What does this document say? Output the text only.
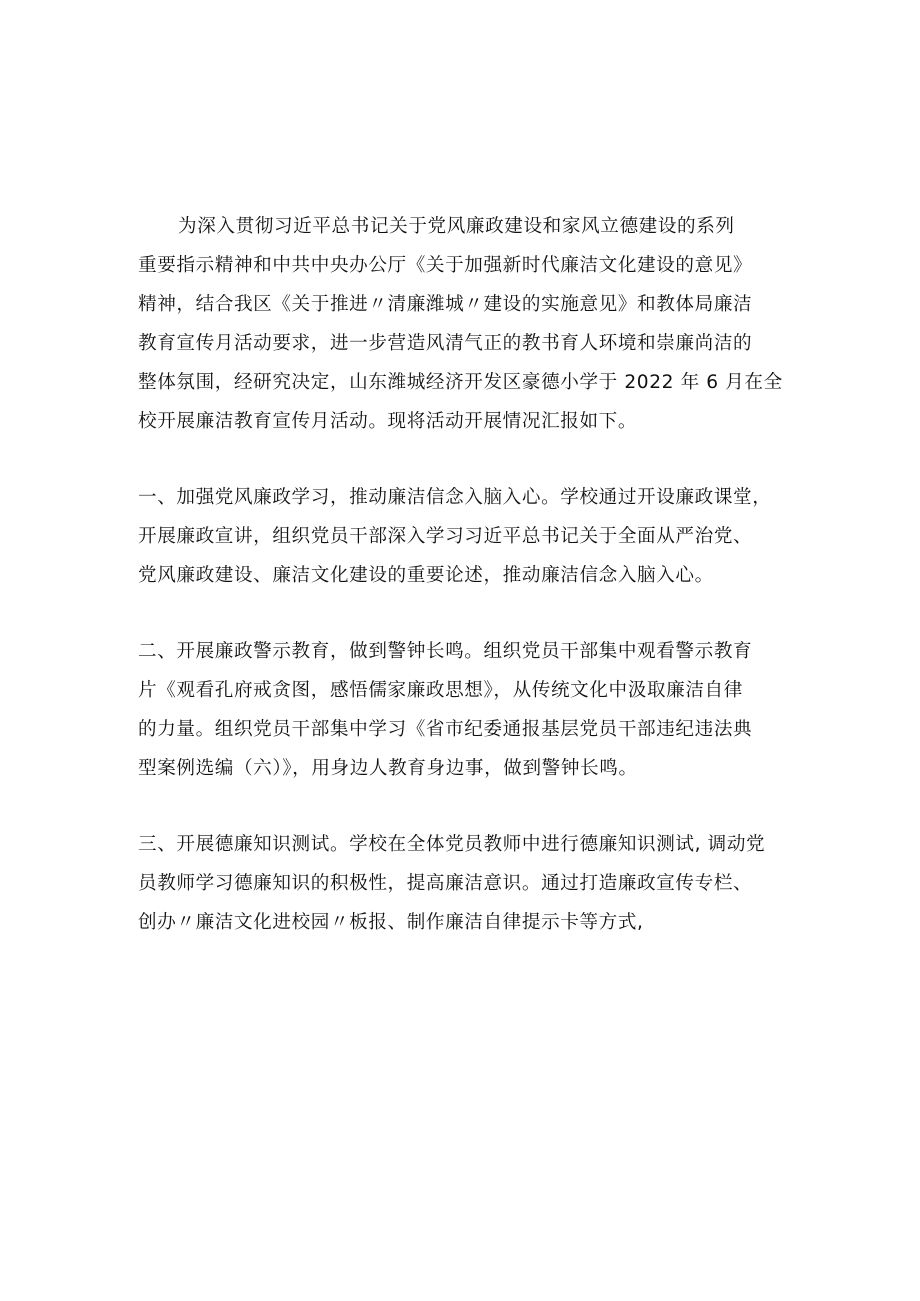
为深入贯彻习近平总书记关于党风廉政建设和家风立德建设的系列
重要指示精神和中共中央办公厅《关于加强新时代廉洁文化建设的意见》
精神，结合我区《关于推进〃清廉潍城〃建设的实施意见》和教体局廉洁
教育宣传月活动要求，进一步营造风清气正的教书育人环境和崇廉尚洁的
整体氛围，经研究决定，山东潍城经济开发区豪德小学于 2022 年 6 月在全
校开展廉洁教育宣传月活动。现将活动开展情况汇报如下。

一、加强党风廉政学习，推动廉洁信念入脑入心。学校通过开设廉政课堂，
开展廉政宣讲，组织党员干部深入学习习近平总书记关于全面从严治党、
党风廉政建设、廉洁文化建设的重要论述，推动廉洁信念入脑入心。

二、开展廉政警示教育，做到警钟长鸣。组织党员干部集中观看警示教育
片《观看孔府戒贪图，感悟儒家廉政思想》，从传统文化中汲取廉洁自律
的力量。组织党员干部集中学习《省市纪委通报基层党员干部违纪违法典
型案例选编（六）》，用身边人教育身边事，做到警钟长鸣。

三、开展德廉知识测试。学校在全体党员教师中进行德廉知识测试, 调动党
员教师学习德廉知识的积极性，提高廉洁意识。通过打造廉政宣传专栏、
创办〃廉洁文化进校园〃板报、制作廉洁自律提示卡等方式,
